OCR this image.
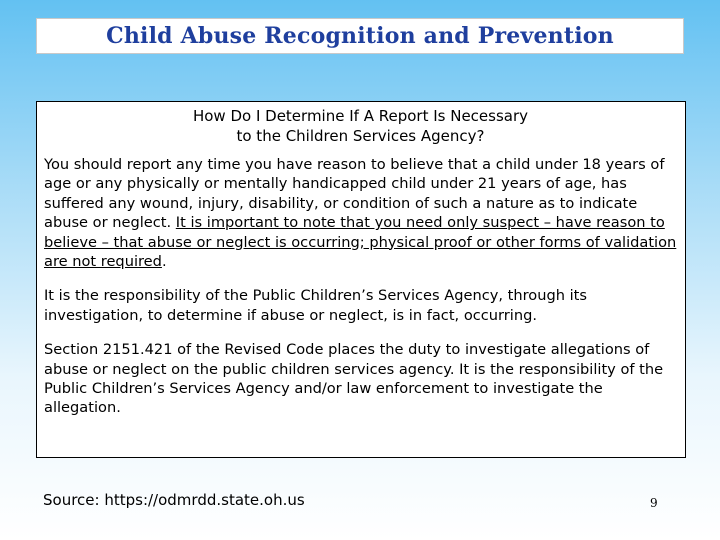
Child Abuse Recognition and Prevention
How Do I Determine If A Report Is Necessary
to the Children Services Agency?

You should report any time you have reason to believe that a child under 18 years of age or any physically or mentally handicapped child under 21 years of age, has suffered any wound, injury, disability, or condition of such a nature as to indicate abuse or neglect. It is important to note that you need only suspect – have reason to believe – that abuse or neglect is occurring; physical proof or other forms of validation are not required.

It is the responsibility of the Public Children’s Services Agency, through its investigation, to determine if abuse or neglect, is in fact, occurring.

Section 2151.421 of the Revised Code places the duty to investigate allegations of abuse or neglect on the public children services agency. It is the responsibility of the Public Children’s Services Agency and/or law enforcement to investigate the allegation.

Source: https://odmrdd.state.oh.us	9
